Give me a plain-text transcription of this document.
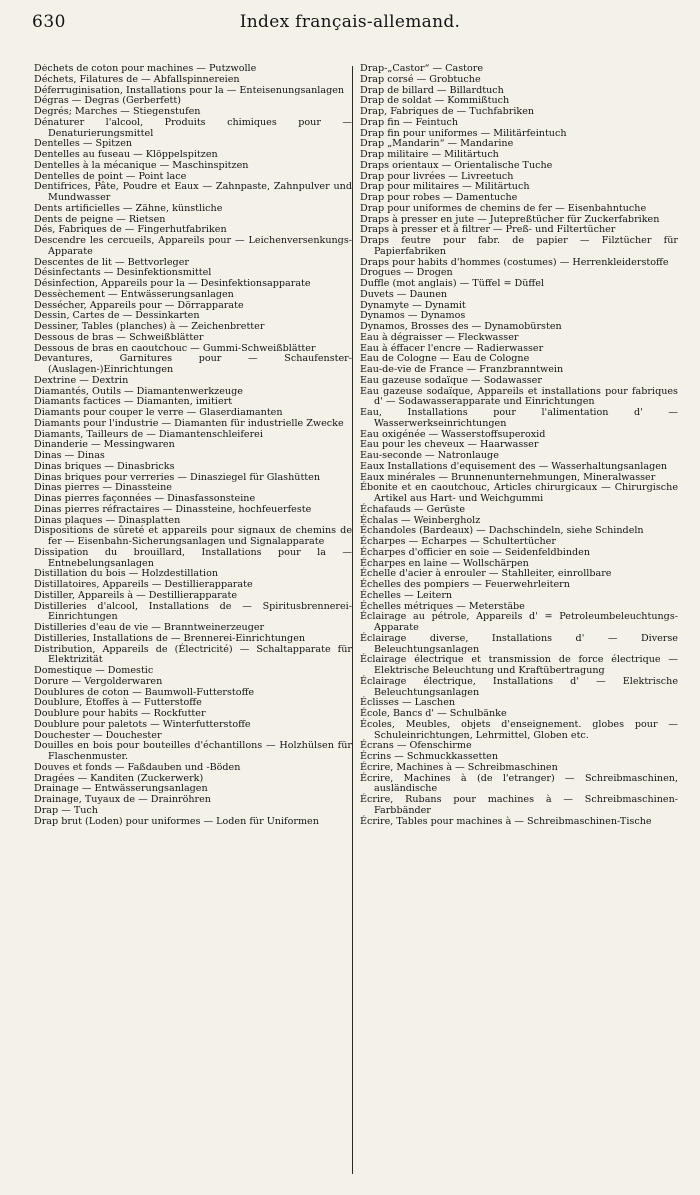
630	Index français-allemand.

Déchets de coton pour machines — Putzwolle

Déchets, Filatures de — Abfallspinnereien

Déferruginisation, Installations pour la — Enteisenungsanlagen

Dégras — Degras (Gerberfett)

Degrés; Marches — Stiegenstufen

Dénaturer l'alcool, Produits chimiques pour — Denaturierungsmittel

Dentelles — Spitzen

Dentelles au fuseau — Klöppelspitzen

Dentelles à la mécanique — Maschinspitzen

Dentelles de point — Point lace

Dentifrices, Pâte, Poudre et Eaux — Zahnpaste, Zahnpulver und Mundwasser

Dents artificielles — Zähne, künstliche

Dents de peigne — Rietsen

Dés, Fabriques de — Fingerhutfabriken

Descendre les cercueils, Appareils pour — Leichenversenkungs-Apparate

Descentes de lit — Bettvorleger

Désinfectants — Desinfektionsmittel

Désinfection, Appareils pour la — Desinfektionsapparate

Dessèchement — Entwässerungsanlagen

Dessécher, Appareils pour — Dörrapparate

Dessin, Cartes de — Dessinkarten

Dessiner, Tables (planches) à — Zeichenbretter

Dessous de bras — Schweißblätter

Dessous de bras en caoutchouc — Gummi-Schweißblätter

Devantures, Garnitures pour — Schaufenster-(Auslagen-)Einrichtungen

Dextrine — Dextrin

Diamantés, Outils — Diamantenwerkzeuge

Diamants factices — Diamanten, imitiert

Diamants pour couper le verre — Glaserdiamanten

Diamants pour l'industrie — Diamanten für industrielle Zwecke

Diamants, Tailleurs de — Diamantenschleiferei

Dinanderie — Messingwaren

Dinas — Dinas

Dinas briques — Dinasbricks

Dinas briques pour verreries — Dinasziegel für Glashütten

Dinas pierres — Dinassteine

Dinas pierres façonnées — Dinasfassonsteine

Dinas pierres réfractaires — Dinassteine, hochfeuerfeste

Dinas plaques — Dinasplatten

Dispositions de sûreté et appareils pour signaux de chemins de fer — Eisenbahn-Sicherungsanlagen und Signalapparate

Dissipation du brouillard, Installations pour la — Entnebelungsanlagen

Distillation du bois — Holzdestillation

Distillatoires, Appareils — Destillierapparate

Distiller, Appareils à — Destillierapparate

Distilleries d'alcool, Installations de — Spiritusbrennerei-Einrichtungen

Distilleries d'eau de vie — Branntweinerzeuger

Distilleries, Installations de — Brennerei-Einrichtungen

Distribution, Appareils de (Électricité) — Schaltapparate für Elektrizität

Domestique — Domestic

Dorure — Vergolderwaren

Doublures de coton — Baumwoll-Futterstoffe

Doublure, Étoffes à — Futterstoffe

Doublure pour habits — Rockfutter

Doublure pour paletots — Winterfutterstoffe

Douchester — Douchester

Douilles en bois pour bouteilles d'échantillons — Holzhülsen für Flaschenmuster.

Douves et fonds — Faßdauben und -Böden

Dragées — Kanditen (Zuckerwerk)

Drainage — Entwässerungsanlagen

Drainage, Tuyaux de — Drainröhren

Drap — Tuch

Drap brut (Loden) pour uniformes — Loden für Uniformen

Drap-„Castor“ — Castore

Drap corsé — Grobtuche

Drap de billard — Billardtuch

Drap de soldat — Kommißtuch

Drap, Fabriques de — Tuchfabriken

Drap fin — Feintuch

Drap fin pour uniformes — Militärfeintuch

Drap „Mandarin“ — Mandarine

Drap militaire — Militärtuch

Draps orientaux — Orientalische Tuche

Drap pour livrées — Livreetuch

Drap pour militaires — Militärtuch

Drap pour robes — Damentuche

Drap pour uniformes de chemins de fer — Eisenbahntuche

Draps à presser en jute — Jutepreßtücher für Zuckerfabriken

Draps à presser et à filtrer — Preß- und Filtertücher

Draps feutre pour fabr. de papier — Filztücher für Papierfabriken

Draps pour habits d'hommes (costumes) — Herrenkleiderstoffe

Drogues — Drogen

Duffle (mot anglais) — Tüffel = Düffel

Duvets — Daunen

Dynamyte — Dynamit

Dynamos — Dynamos

Dynamos, Brosses des — Dynamobürsten

Eau à dégraisser — Fleckwasser

Eau à éffacer l'encre — Radierwasser

Eau de Cologne — Eau de Cologne

Eau-de-vie de France — Franzbranntwein

Eau gazeuse sodaïque — Sodawasser

Eau gazeuse sodaïque, Appareils et installations pour fabriques d' — Sodawasserapparate und Einrichtungen

Eau, Installations pour l'alimentation d' — Wasserwerkseinrichtungen

Eau oxigénée — Wasserstoffsuperoxid

Eau pour les cheveux — Haarwasser

Eau-seconde — Natronlauge

Eaux Installations d'equisement des — Wasserhaltungsanlagen

Eaux minérales — Brunnenunternehmungen, Mineralwasser

Ébonite et en caoutchouc, Articles chirurgicaux — Chirurgische Artikel aus Hart- und Weichgummi

Échafauds — Gerüste

Échalas — Weinbergholz

Échandoles (Bardeaux) — Dachschindeln, siehe Schindeln

Écharpes — Echarpes — Schultertücher

Écharpes d'officier en soie — Seidenfeldbinden

Écharpes en laine — Wollschärpen

Échelle d'acier à enrouler — Stahlleiter, einrollbare

Échelles des pompiers — Feuerwehrleitern

Échelles — Leitern

Échelles métriques — Meterstäbe

Éclairage au pétrole, Appareils d' = Petroleumbeleuchtungs-Apparate

Éclairage diverse, Installations d' — Diverse Beleuchtungsanlagen

Éclairage électrique et transmission de force électrique — Elektrische Beleuchtung und Kraftübertragung

Éclairage électrique, Installations d' — Elektrische Beleuchtungsanlagen

Éclisses — Laschen

École, Bancs d' — Schulbänke

Écoles, Meubles, objets d'enseignement. globes pour — Schuleinrichtungen, Lehrmittel, Globen etc.

Écrans — Ofenschirme

Écrins — Schmuckkassetten

Écrire, Machines à — Schreibmaschinen

Écrire, Machines à (de l'etranger) — Schreibmaschinen, ausländische

Écrire, Rubans pour machines à — Schreibmaschinen-Farbbänder

Écrire, Tables pour machines à — Schreibmaschinen-Tische
